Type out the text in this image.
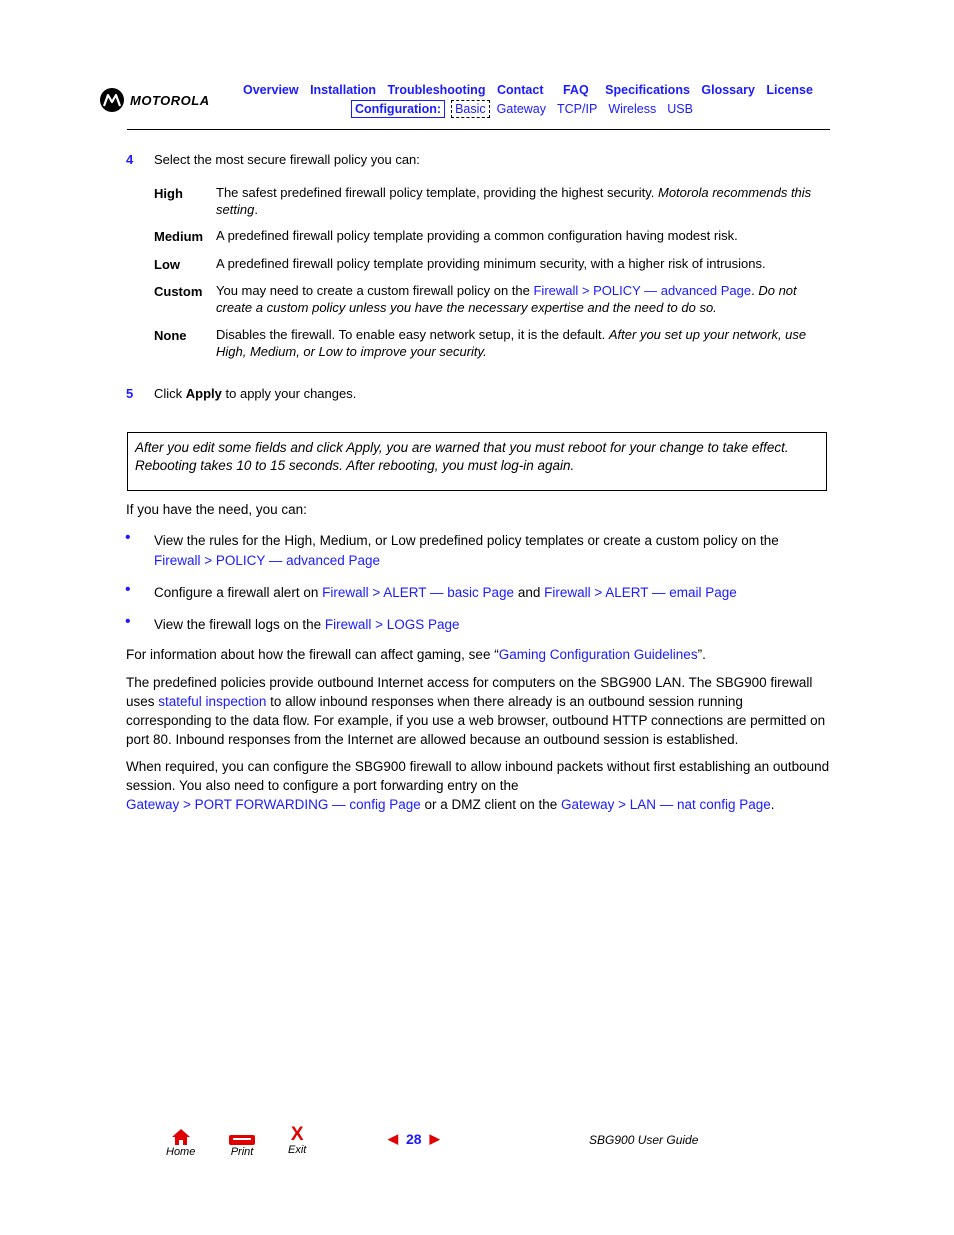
MOTOROLA
Overview Installation Troubleshooting Contact FAQ Specifications Glossary License
Configuration:	Basic Gateway TCP/IP Wireless USB
4 Select the most secure firewall policy you can:
High	The safest predefined firewall policy template, providing the highest security. Motorola recommends this setting.
Medium A predefined firewall policy template providing a common configuration having modest risk.
Low	A predefined firewall policy template providing minimum security, with a higher risk of intrusions.
Custom You may need to create a custom firewall policy on the Firewall > POLICY — advanced Page. Do not create a custom policy unless you have the necessary expertise and the need to do so.
None Disables the firewall. To enable easy network setup, it is the default. After you set up your network, use High, Medium, or Low to improve your security.
5 Click Apply to apply your changes.
After you edit some fields and click Apply, you are warned that you must reboot for your change to take effect. Rebooting takes 10 to 15 seconds. After rebooting, you must log-in again.
If you have the need, you can:
• View the rules for the High, Medium, or Low predefined policy templates or create a custom policy on the
Firewall > POLICY — advanced Page
• Configure a firewall alert on Firewall > ALERT — basic Page and Firewall > ALERT — email Page
• View the firewall logs on the Firewall > LOGS Page
For information about how the firewall can affect gaming, see “Gaming Configuration Guidelines”.
The predefined policies provide outbound Internet access for computers on the SBG900 LAN. The SBG900 firewall uses stateful inspection to allow inbound responses when there already is an outbound session running corresponding to the data flow. For example, if you use a web browser, outbound HTTP connections are permitted on port 80. Inbound responses from the Internet are allowed because an outbound session is established.
When required, you can configure the SBG900 firewall to allow inbound packets without first establishing an outbound session. You also need to configure a port forwarding entry on the
Gateway > PORT FORWARDING — config Page or a DMZ client on the Gateway > LAN — nat config Page.
Home	Print
X
Exit
◀ 28 ▶	SBG900 User Guide
